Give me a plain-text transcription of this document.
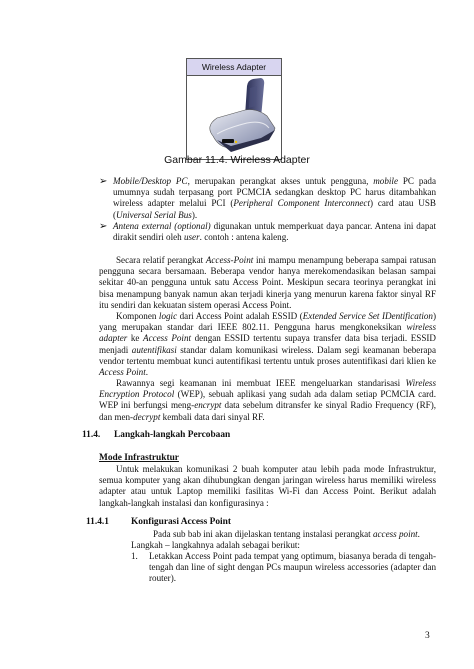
Wireless Adapter
Gambar 11.4. Wireless Adapter
➢ Mobile/Desktop PC, merupakan perangkat akses untuk pengguna, mobile PC pada umumnya sudah terpasang port PCMCIA sedangkan desktop PC harus ditambahkan wireless adapter melalui PCI (Peripheral Component Interconnect) card atau USB (Universal Serial Bus).
➢ Antena external (optional) digunakan untuk memperkuat daya pancar. Antena ini dapat dirakit sendiri oleh user. contoh : antena kaleng.
Secara relatif perangkat Access-Point ini mampu menampung beberapa sampai ratusan pengguna secara bersamaan. Beberapa vendor hanya merekomendasikan belasan sampai sekitar 40-an pengguna untuk satu Access Point. Meskipun secara teorinya perangkat ini bisa menampung banyak namun akan terjadi kinerja yang menurun karena faktor sinyal RF itu sendiri dan kekuatan sistem operasi Access Point.
Komponen logic dari Access Point adalah ESSID (Extended Service Set IDentification) yang merupakan standar dari IEEE 802.11. Pengguna harus mengkoneksikan wireless adapter ke Access Point dengan ESSID tertentu supaya transfer data bisa terjadi. ESSID menjadi autentifikasi standar dalam komunikasi wireless. Dalam segi keamanan beberapa vendor tertentu membuat kunci autentifikasi tertentu untuk proses autentifikasi dari klien ke Access Point.
Rawannya segi keamanan ini membuat IEEE mengeluarkan standarisasi Wireless Encryption Protocol (WEP), sebuah aplikasi yang sudah ada dalam setiap PCMCIA card. WEP ini berfungsi meng-encrypt data sebelum ditransfer ke sinyal Radio Frequency (RF), dan men-decrypt kembali data dari sinyal RF.
11.4. Langkah-langkah Percobaan
Mode Infrastruktur
Untuk melakukan komunikasi 2 buah komputer atau lebih pada mode Infrastruktur, semua komputer yang akan dihubungkan dengan jaringan wireless harus memiliki wireless adapter atau untuk Laptop memiliki fasilitas Wi-Fi dan Access Point. Berikut adalah langkah-langkah instalasi dan konfigurasinya :
11.4.1 Konfigurasi Access Point
Pada sub bab ini akan dijelaskan tentang instalasi perangkat access point.
Langkah – langkahnya adalah sebagai berikut:
1. Letakkan Access Point pada tempat yang optimum, biasanya berada di tengah-tengah dan line of sight dengan PCs maupun wireless accessories (adapter dan router).
3
